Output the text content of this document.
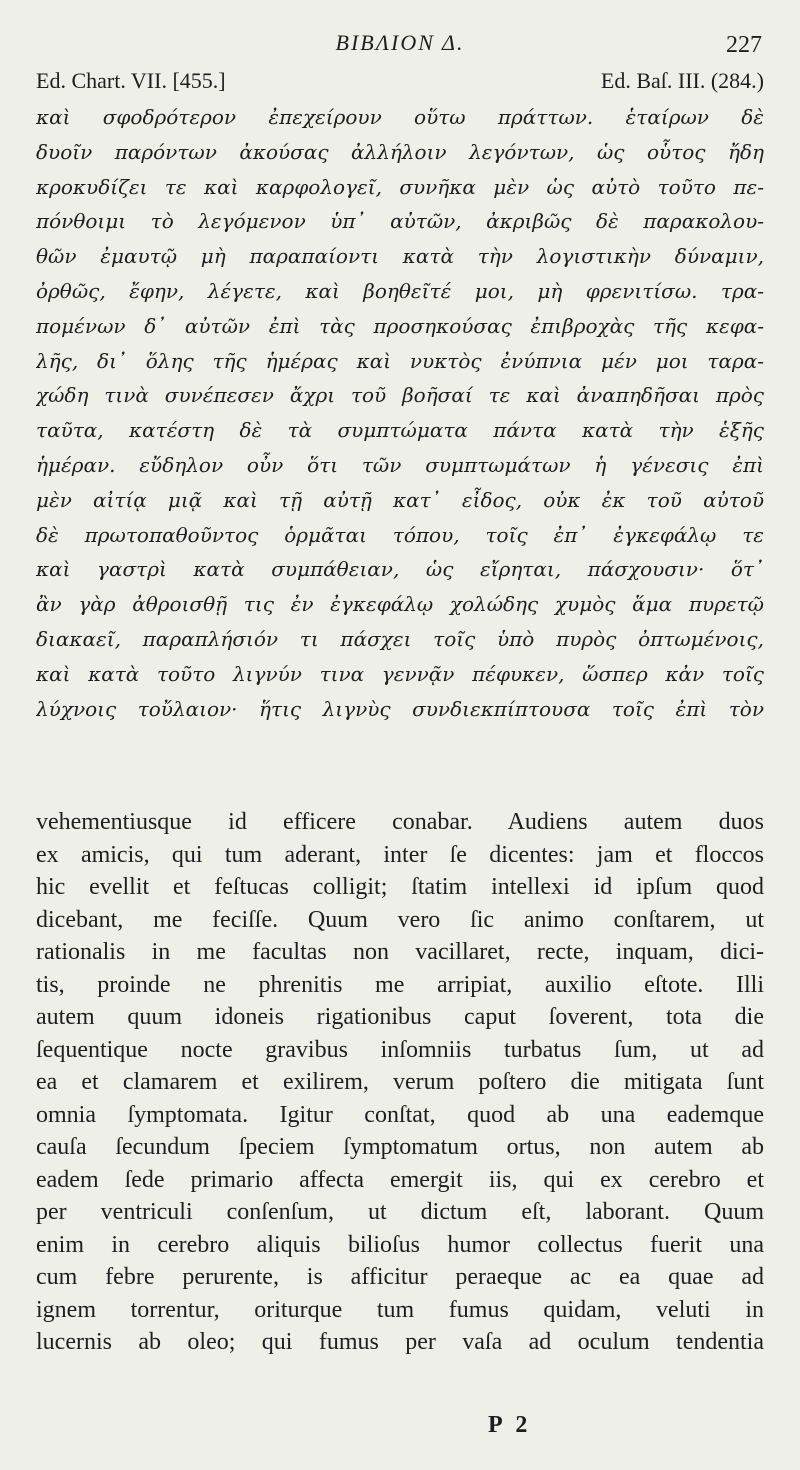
ΒΙΒΛΙΟΝ Δ.	227
Ed. Chart. VII. [455.]	Ed. Baſ. III. (284.)
καὶ σφοδρότερον ἐπεχείρουν οὕτω πράττων. ἑταίρων δὲ
δυοῖν παρόντων ἀκούσας ἀλλήλοιν λεγόντων, ὡς οὗτος ἤδη
κροκυδίζει τε καὶ καρφολογεῖ, συνῆκα μὲν ὡς αὐτὸ τοῦτο πε-
πόνθοιμι τὸ λεγόμενον ὑπ᾿ αὐτῶν, ἀκριβῶς δὲ παρακολου-
θῶν ἐμαυτῷ μὴ παραπαίοντι κατὰ τὴν λογιστικὴν δύναμιν,
ὀρθῶς, ἔφην, λέγετε, καὶ βοηθεῖτέ μοι, μὴ φρενιτίσω. τρα-
πομένων δ᾿ αὐτῶν ἐπὶ τὰς προσηκούσας ἐπιβροχὰς τῆς κεφα-
λῆς, δι᾿ ὅλης τῆς ἡμέρας καὶ νυκτὸς ἐνύπνια μέν μοι ταρα-
χώδη τινὰ συνέπεσεν ἄχρι τοῦ βοῆσαί τε καὶ ἀναπηδῆσαι πρὸς
ταῦτα, κατέστη δὲ τὰ συμπτώματα πάντα κατὰ τὴν ἑξῆς
ἡμέραν. εὔδηλον οὖν ὅτι τῶν συμπτωμάτων ἡ γένεσις ἐπὶ
μὲν αἰτίᾳ μιᾷ καὶ τῇ αὐτῇ κατ᾿ εἶδος, οὐκ ἐκ τοῦ αὐτοῦ
δὲ πρωτοπαθοῦντος ὁρμᾶται τόπου, τοῖς ἐπ᾿ ἐγκεφάλῳ τε
καὶ γαστρὶ κατὰ συμπάθειαν, ὡς εἴρηται, πάσχουσιν· ὅτ᾿
ἂν γὰρ ἀθροισθῇ τις ἐν ἐγκεφάλῳ χολώδης χυμὸς ἅμα πυρετῷ
διακαεῖ, παραπλήσιόν τι πάσχει τοῖς ὑπὸ πυρὸς ὀπτωμένοις,
καὶ κατὰ τοῦτο λιγνύν τινα γεννᾷν πέφυκεν, ὥσπερ κἀν τοῖς
λύχνοις τοὔλαιον· ἥτις λιγνὺς συνδιεκπίπτουσα τοῖς ἐπὶ τὸν
vehementiusque id efficere conabar. Audiens autem duos
ex amicis, qui tum aderant, inter ſe dicentes: jam et floccos
hic evellit et feſtucas colligit; ſtatim intellexi id ipſum quod
dicebant, me feciſſe. Quum vero ſic animo conſtarem, ut
rationalis in me facultas non vacillaret, recte, inquam, dici-
tis, proinde ne phrenitis me arripiat, auxilio eſtote. Illi
autem quum idoneis rigationibus caput ſoverent, tota die
ſequentique nocte gravibus inſomniis turbatus ſum, ut ad
ea et clamarem et exilirem, verum poſtero die mitigata ſunt
omnia ſymptomata. Igitur conſtat, quod ab una eademque
cauſa ſecundum ſpeciem ſymptomatum ortus, non autem ab
eadem ſede primario affecta emergit iis, qui ex cerebro et
per ventriculi conſenſum, ut dictum eſt, laborant. Quum
enim in cerebro aliquis bilioſus humor collectus fuerit una
cum febre perurente, is afficitur peraeque ac ea quae ad
ignem torrentur, oriturque tum fumus quidam, veluti in
lucernis ab oleo; qui fumus per vaſa ad oculum tendentia
P 2
